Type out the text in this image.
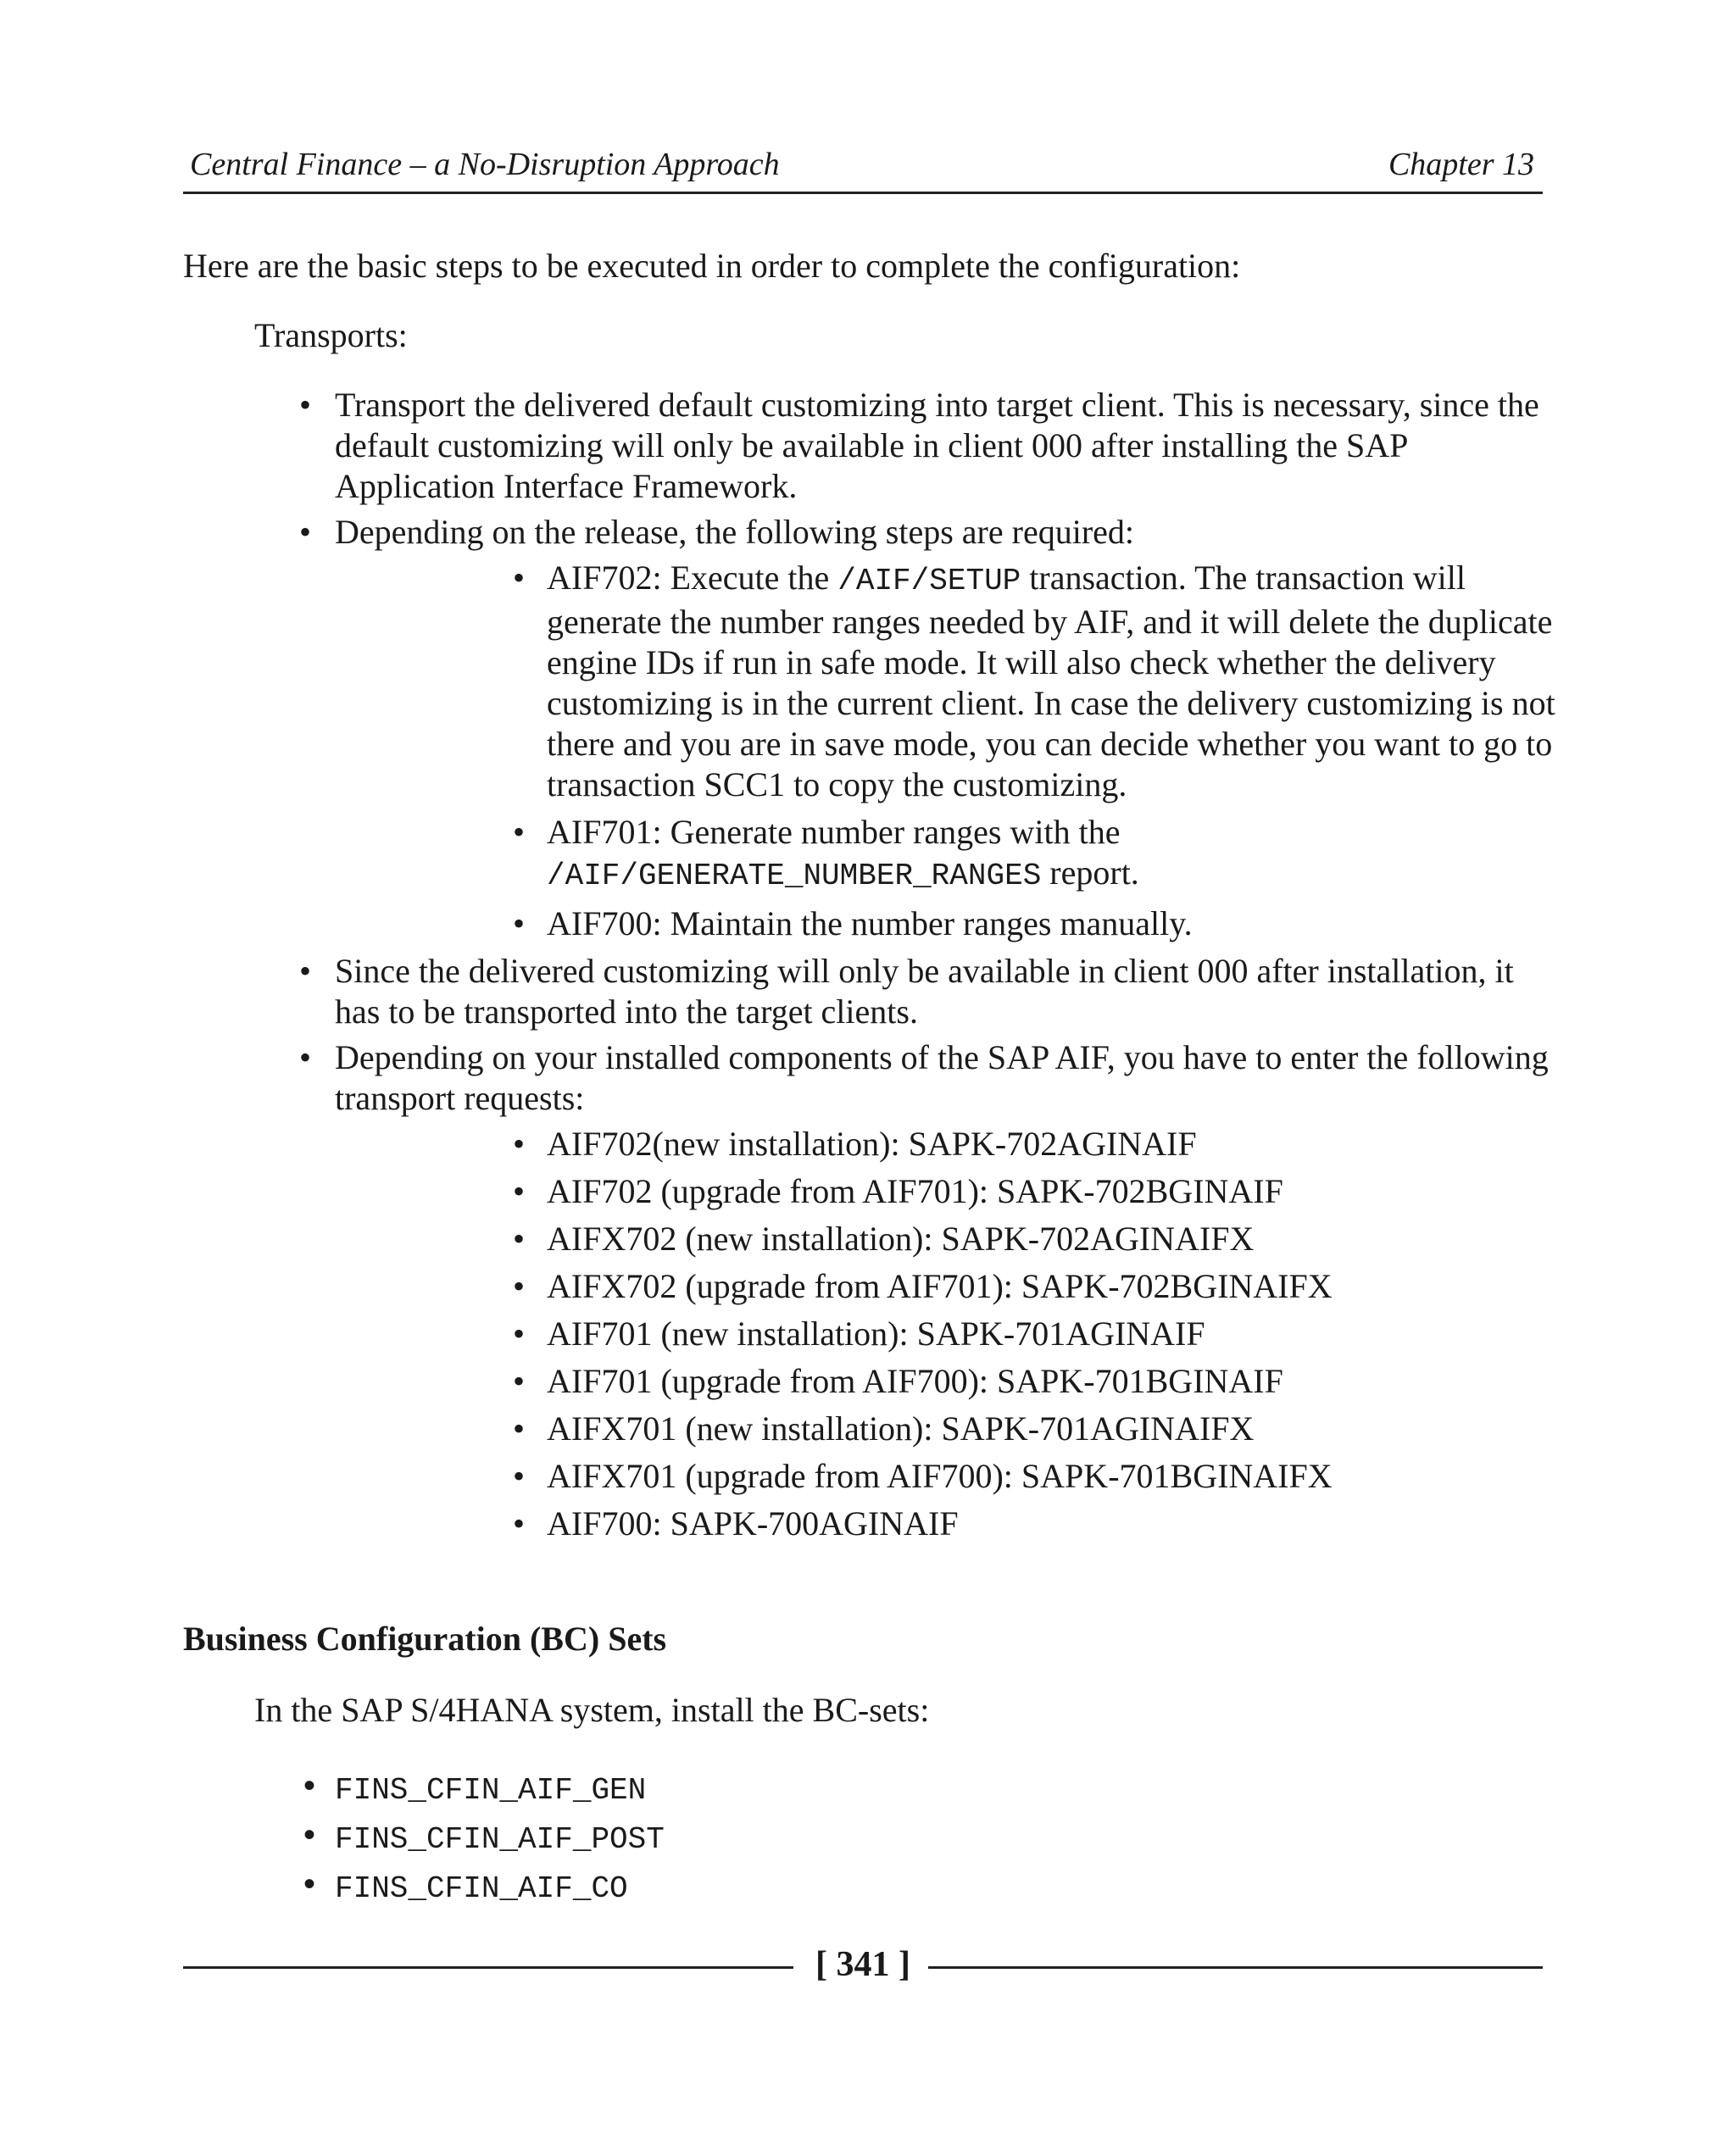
Central Finance – a No-Disruption Approach	Chapter 13

Here are the basic steps to be executed in order to complete the configuration:

Transports:

• Transport the delivered default customizing into target client. This is necessary, since the default customizing will only be available in client 000 after installing the SAP Application Interface Framework.
• Depending on the release, the following steps are required:
• AIF702: Execute the /AIF/SETUP transaction. The transaction will generate the number ranges needed by AIF, and it will delete the duplicate engine IDs if run in safe mode. It will also check whether the delivery customizing is in the current client. In case the delivery customizing is not there and you are in save mode, you can decide whether you want to go to transaction SCC1 to copy the customizing.
• AIF701: Generate number ranges with the /AIF/GENERATE_NUMBER_RANGES report.
• AIF700: Maintain the number ranges manually.
• Since the delivered customizing will only be available in client 000 after installation, it has to be transported into the target clients.
• Depending on your installed components of the SAP AIF, you have to enter the following transport requests:
• AIF702(new installation): SAPK-702AGINAIF
• AIF702 (upgrade from AIF701): SAPK-702BGINAIF
• AIFX702 (new installation): SAPK-702AGINAIFX
• AIFX702 (upgrade from AIF701): SAPK-702BGINAIFX
• AIF701 (new installation): SAPK-701AGINAIF
• AIF701 (upgrade from AIF700): SAPK-701BGINAIF
• AIFX701 (new installation): SAPK-701AGINAIFX
• AIFX701 (upgrade from AIF700): SAPK-701BGINAIFX
• AIF700: SAPK-700AGINAIF
Business Configuration (BC) Sets

In the SAP S/4HANA system, install the BC-sets:

• FINS_CFIN_AIF_GEN
• FINS_CFIN_AIF_POST
• FINS_CFIN_AIF_CO
[ 341 ]
